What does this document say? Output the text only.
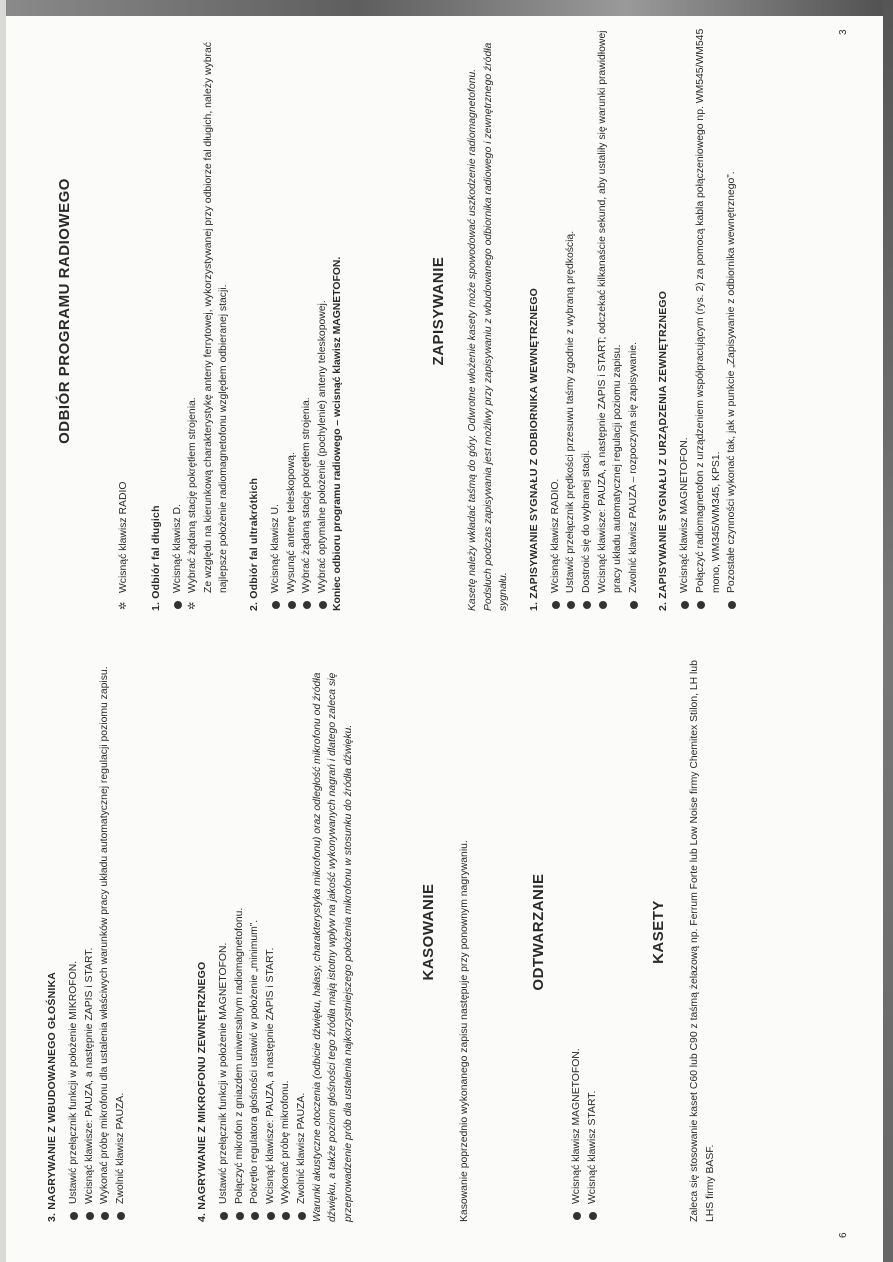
3. NAGRYWANIE Z WBUDOWANEGO GŁOŚNIKA Ustawić przełącznik funkcji w położenie MIKROFON. Wcisnąć klawisze: PAUZA, a następnie ZAPIS i START. Wykonać próbę mikrofonu dla ustalenia właściwych warunków pracy układu automatycznej regulacji poziomu zapisu. Zwolnić klawisz PAUZA.	4. NAGRYWANIE Z MIKROFONU ZEWNĘTRZNEGO Ustawić przełącznik funkcji w położenie MAGNETOFON. Połączyć mikrofon z gniazdem uniwersalnym radiomagnetofonu. Pokrętło regulatora głośności ustawić w położenie „minimum”. Wcisnąć klawisze: PAUZA, a następnie ZAPIS i START. Wykonać próbę mikrofonu. Zwolnić klawisz PAUZA. Warunki akustyczne otoczenia (odbicie dźwięku, hałasy, charakterystyka mikrofonu) oraz odległość mikrofonu od źródła dźwięku, a także poziom głośności tego źródła mają istotny wpływ na jakość wykonywanych nagrań i dlatego zaleca się przeprowadzenie prób dla ustalenia najkorzystniejszego położenia mikrofonu w stosunku do źródła dźwięku.	KASOWANIE Kasowanie poprzednio wykonanego zapisu następuje przy ponownym nagrywaniu.	ODTWARZANIE
Wcisnąć klawisz MAGNETOFON. Wcisnąć klawisz START.
KASETY Zaleca się stosowanie kaset C60 lub C90 z taśmą żelazową np. Ferrum Forte lub Low Noise firmy Chemitex Stilon, LH lub LHS firmy BASF.

6
ODBIÓR PROGRAMU RADIOWEGO
✲
Wcisnąć klawisz RADIO 1. Odbiór fal długich Wcisnąć klawisz D.
✲
Wybrać żądaną stację pokrętłem strojenia. Ze względu na kierunkową charakterystykę anteny ferrytowej, wykorzystywanej przy odbiorze fal długich, należy wybrać najlepsze położenie radiomagnetofonu względem odbieranej stacji. 2. Odbiór fal ultrakrótkich Wcisnąć klawisz U. Wysunąć antenę teleskopową. Wybrać żądaną stację pokrętłem strojenia. Wybrać optymalne położenie (pochylenie) anteny teleskopowej. Koniec odbioru programu radiowego – wcisnąć klawisz MAGNETOFON.	ZAPISYWANIE Kasetę należy wkładać taśmą do góry. Odwrotne włożenie kasety może spowodować uszkodzenie radiomagnetofonu. Podsłuch podczas zapisywania jest możliwy przy zapisywaniu z wbudowanego odbiornika radiowego i zewnętrznego źródła sygnału. 1. ZAPISYWANIE SYGNAŁU Z ODBIORNIKA WEWNĘTRZNEGO Wcisnąć klawisz RADIO. Ustawić przełącznik prędkości przesuwu taśmy zgodnie z wybraną prędkością. Dostroić się do wybranej stacji. Wcisnąć klawisze: PAUZA, a następnie ZAPIS i START; odczekać kilkanaście sekund, aby ustaliły się warunki prawidłowej pracy układu automatycznej regulacji poziomu zapisu. Zwolnić klawisz PAUZA – rozpoczyna się zapisywanie. 2. ZAPISYWANIE SYGNAŁU Z URZĄDZENIA ZEWNĘTRZNEGO Wcisnąć klawisz MAGNETOFON. Połączyć radiomagnetofon z urządzeniem współpracującym (rys. 2) za pomocą kabla połączeniowego np. WM545/WM545 mono, WM345/WM345, KPS1. Pozostałe czynności wykonać tak, jak w punkcie „Zapisywanie z odbiornika wewnętrznego”.
3
